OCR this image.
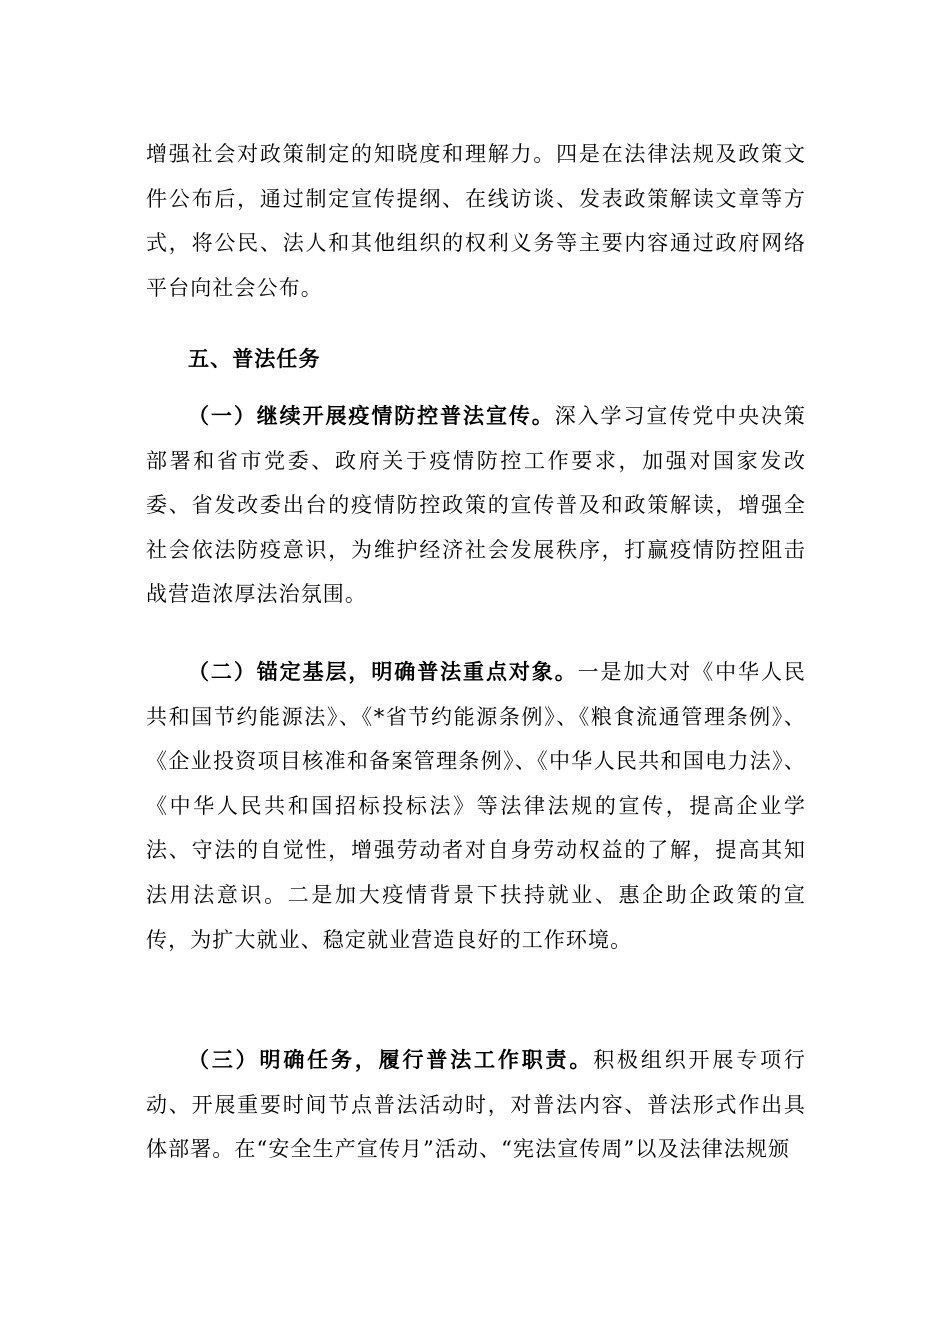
增强社会对政策制定的知晓度和理解力。四是在法律法规及政策文件公布后，通过制定宣传提纲、在线访谈、发表政策解读文章等方式，将公民、法人和其他组织的权利义务等主要内容通过政府网络平台向社会公布。

五、普法任务

（一）继续开展疫情防控普法宣传。深入学习宣传党中央决策部署和省市党委、政府关于疫情防控工作要求，加强对国家发改委、省发改委出台的疫情防控政策的宣传普及和政策解读，增强全社会依法防疫意识，为维护经济社会发展秩序，打赢疫情防控阻击战营造浓厚法治氛围。

（二）锚定基层，明确普法重点对象。一是加大对《中华人民共和国节约能源法》、《*省节约能源条例》、《粮食流通管理条例》、《企业投资项目核准和备案管理条例》、《中华人民共和国电力法》、《中华人民共和国招标投标法》等法律法规的宣传，提高企业学法、守法的自觉性，增强劳动者对自身劳动权益的了解，提高其知法用法意识。二是加大疫情背景下扶持就业、惠企助企政策的宣传，为扩大就业、稳定就业营造良好的工作环境。

（三）明确任务，履行普法工作职责。积极组织开展专项行动、开展重要时间节点普法活动时，对普法内容、普法形式作出具体部署。在“安全生产宣传月”活动、“宪法宣传周”以及法律法规颁
